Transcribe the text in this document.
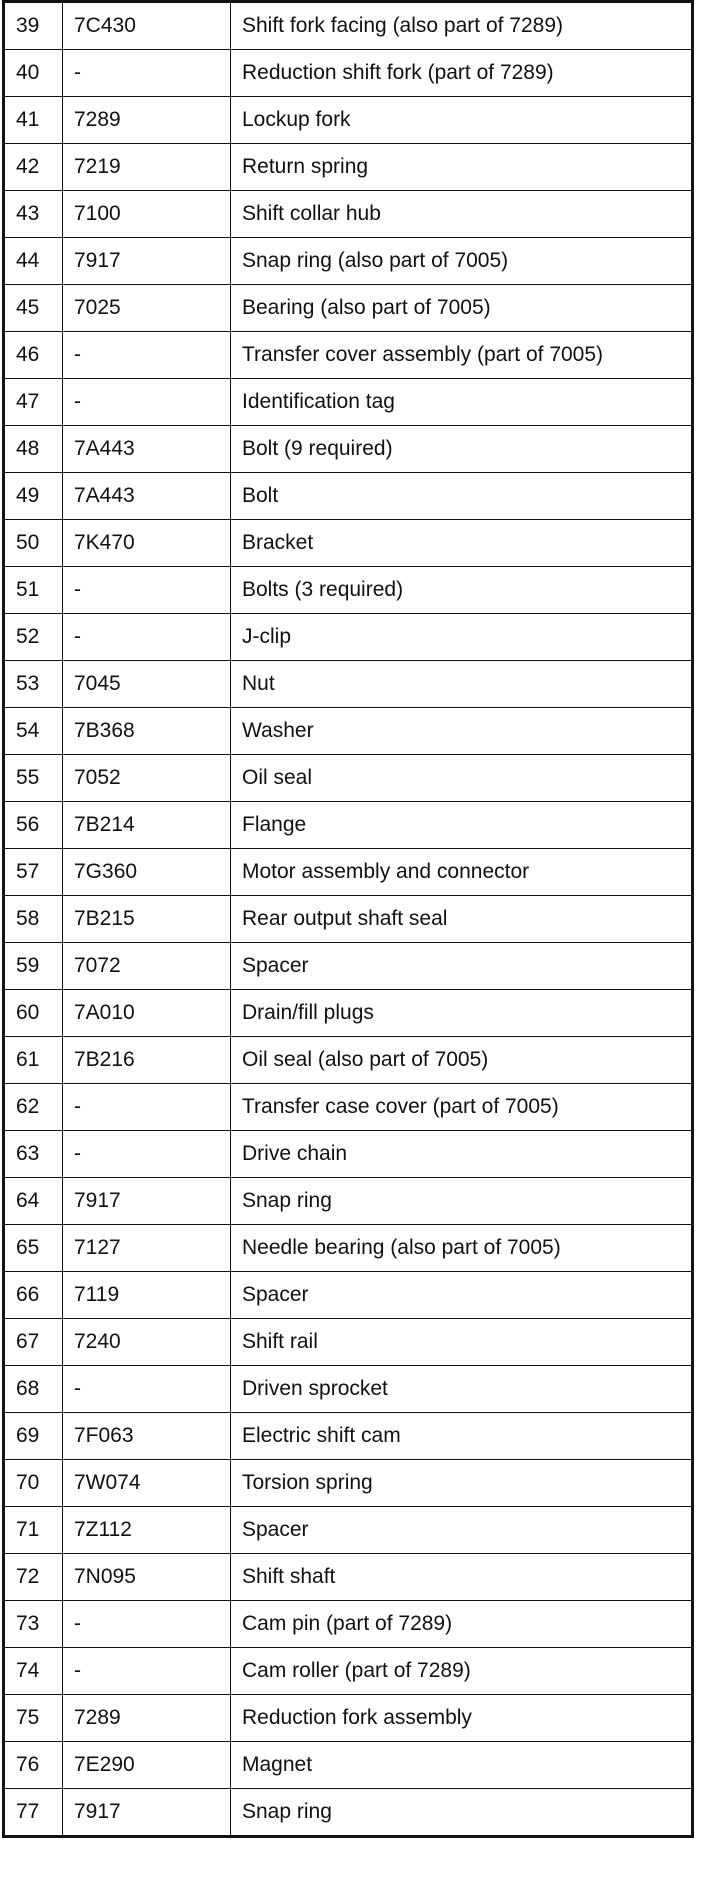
39	7C430	Shift fork facing (also part of 7289)
40	-	Reduction shift fork (part of 7289)
41	7289	Lockup fork
42	7219	Return spring
43	7100	Shift collar hub
44	7917	Snap ring (also part of 7005)
45	7025	Bearing (also part of 7005)
46	-	Transfer cover assembly (part of 7005)
47	-	Identification tag
48	7A443	Bolt (9 required)
49	7A443	Bolt
50	7K470	Bracket
51	-	Bolts (3 required)
52	-	J-clip
53	7045	Nut
54	7B368	Washer
55	7052	Oil seal
56	7B214	Flange
57	7G360	Motor assembly and connector
58	7B215	Rear output shaft seal
59	7072	Spacer
60	7A010	Drain/fill plugs
61	7B216	Oil seal (also part of 7005)
62	-	Transfer case cover (part of 7005)
63	-	Drive chain
64	7917	Snap ring
65	7127	Needle bearing (also part of 7005)
66	7119	Spacer
67	7240	Shift rail
68	-	Driven sprocket
69	7F063	Electric shift cam
70	7W074	Torsion spring
71	7Z112	Spacer
72	7N095	Shift shaft
73	-	Cam pin (part of 7289)
74	-	Cam roller (part of 7289)
75	7289	Reduction fork assembly
76	7E290	Magnet
77	7917	Snap ring
